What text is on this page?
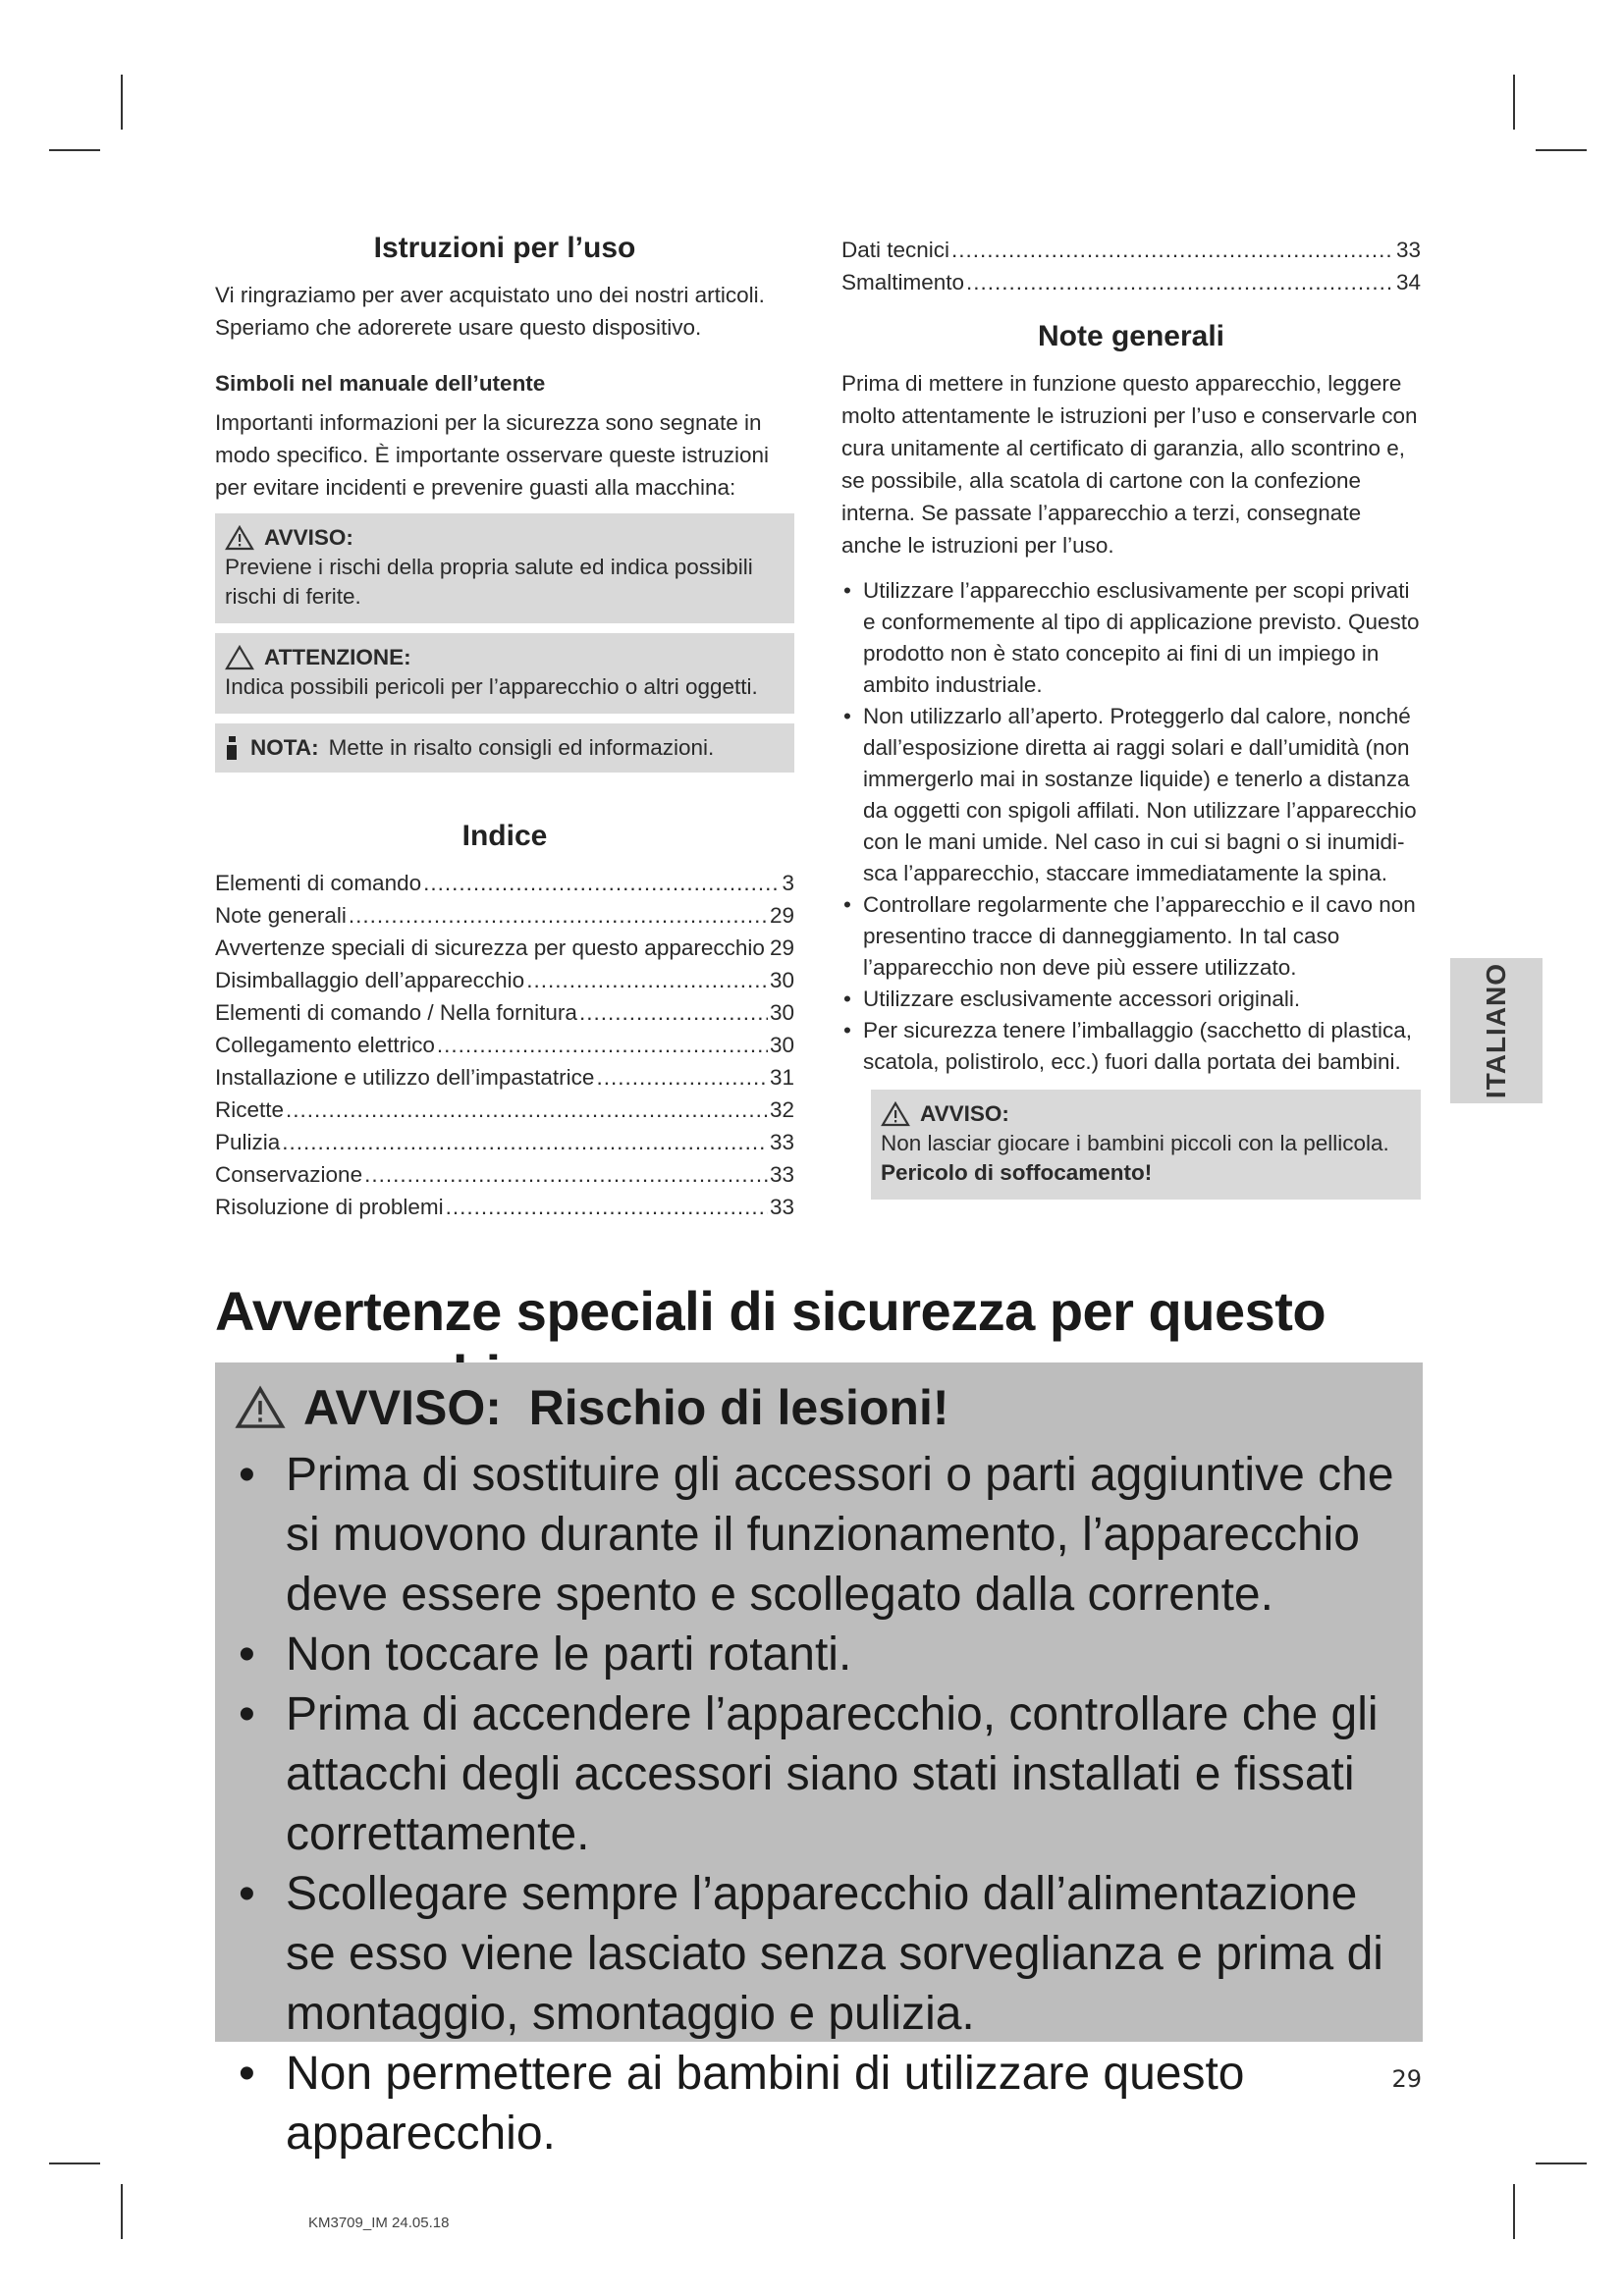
Istruzioni per l’uso

Vi ringraziamo per aver acquistato uno dei nostri articoli. Speriamo che adorerete usare questo dispositivo.

Simboli nel manuale dell’utente

Importanti informazioni per la sicurezza sono segnate in modo specifico. È importante osservare queste istruzioni per evitare incidenti e prevenire guasti alla macchina:

AVVISO:
Previene i rischi della propria salute ed indica possibili rischi di ferite.
ATTENZIONE:
Indica possibili pericoli per l’apparecchio o altri oggetti.
NOTA: Mette in risalto consigli ed informazioni.
Indice
Elementi di comando .....	3
Note generali .....	29
Avvertenze speciali di sicurezza per questo apparecchio ..... 29
Disimballaggio dell’apparecchio .....	30
Elementi di comando / Nella fornitura .....	30
Collegamento elettrico .....	30
Installazione e utilizzo dell’impastatrice .....	31
Ricette .....	32
Pulizia .....	33
Conservazione .....	33
Risoluzione di problemi .....	33
Dati tecnici .....	33
Smaltimento .....	34
Note generali

Prima di mettere in funzione questo apparecchio, leggere molto attentamente le istruzioni per l’uso e conservarle con cura unitamente al certificato di garanzia, allo scontrino e, se possibile, alla scatola di cartone con la confezione interna. Se passate l’apparecchio a terzi, consegnate anche le istruzioni per l’uso.

• Utilizzare l’apparecchio esclusivamente per scopi privati e conformemente al tipo di applicazione previsto. Questo prodotto non è stato concepito ai fini di un impiego in ambito industriale.
• Non utilizzarlo all’aperto. Proteggerlo dal calore, nonché dall’esposizione diretta ai raggi solari e dall’umidità (non immergerlo mai in sostanze liquide) e tenerlo a distanza da oggetti con spigoli affilati. Non utilizzare l’apparecchio con le mani umide. Nel caso in cui si bagni o si inumidisca l’apparecchio, staccare immediatamente la spina.
• Controllare regolarmente che l’apparecchio e il cavo non presentino tracce di danneggiamento. In tal caso l’apparecchio non deve più essere utilizzato.
• Utilizzare esclusivamente accessori originali.
• Per sicurezza tenere l’imballaggio (sacchetto di plastica, scatola, polistirolo, ecc.) fuori dalla portata dei bambini.
AVVISO:
Non lasciar giocare i bambini piccoli con la pellicola.
Pericolo di soffocamento!
ITALIANO
Avvertenze speciali di sicurezza per questo
AVVISO:  Rischio di lesioni!
• Prima di sostituire gli accessori o parti aggiuntive che si muovono durante il funzionamento, l’apparecchio deve essere spento e scollegato dalla corrente.
• Non toccare le parti rotanti.
• Prima di accendere l’apparecchio, controllare che gli attacchi degli accessori siano stati installati e fissati correttamente.
• Scollegare sempre l’apparecchio dall’alimentazione se esso viene lasciato senza sorveglianza e prima di montaggio, smontaggio e pulizia.
• Non permettere ai bambini di utilizzare questo apparecchio.
29
KM3709_IM 24.05.18
